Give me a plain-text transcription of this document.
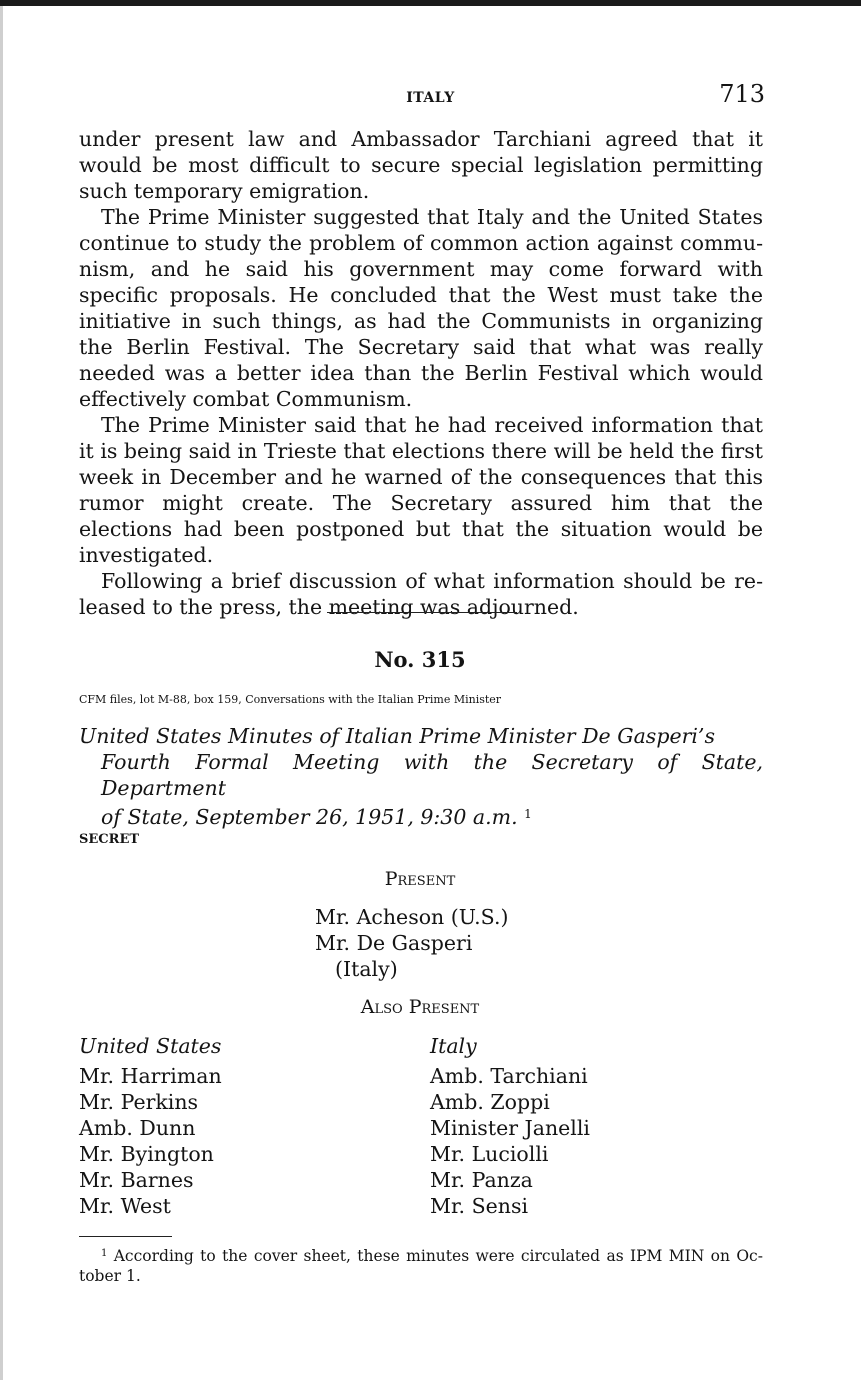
ITALY	713

under present law and Ambassador Tarchiani agreed that it would be most difficult to secure special legislation permitting such temporary emigration.

The Prime Minister suggested that Italy and the United States continue to study the problem of common action against communism, and he said his government may come forward with specific proposals. He concluded that the West must take the initiative in such things, as had the Communists in organizing the Berlin Festival. The Secretary said that what was really needed was a better idea than the Berlin Festival which would effectively combat Communism.

The Prime Minister said that he had received information that it is being said in Trieste that elections there will be held the first week in December and he warned of the consequences that this rumor might create. The Secretary assured him that the elections had been postponed but that the situation would be investigated.

Following a brief discussion of what information should be released to the press, the meeting was adjourned.

No. 315
CFM files, lot M-88, box 159, Conversations with the Italian Prime Minister
United States Minutes of Italian Prime Minister De Gasperi’s
Fourth Formal Meeting with the Secretary of State, Department
of State, September 26, 1951, 9:30 a.m. $^1$
SECRET
Present
Mr. Acheson (U.S.)
Mr. De Gasperi
(Italy)
Also Present
United States
Mr. Harriman
Mr. Perkins
Amb. Dunn
Mr. Byington
Mr. Barnes
Mr. West
Italy
Amb. Tarchiani
Amb. Zoppi
Minister Janelli
Mr. Luciolli
Mr. Panza
Mr. Sensi
$^1$ According to the cover sheet, these minutes were circulated as IPM MIN on October 1.
